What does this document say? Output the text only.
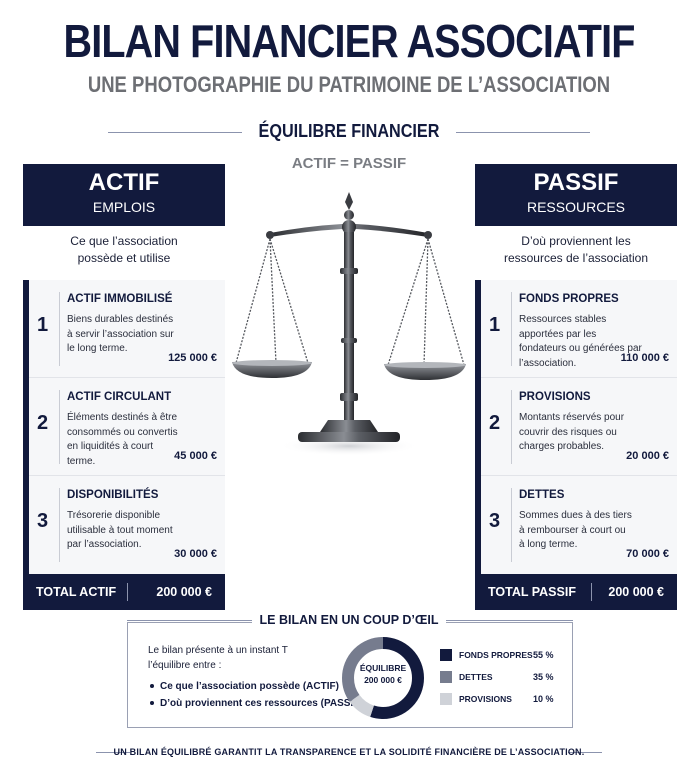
BILAN FINANCIER ASSOCIATIF
UNE PHOTOGRAPHIE DU PATRIMOINE DE L’ASSOCIATION
ÉQUILIBRE FINANCIER
ACTIF = PASSIF
ACTIF
EMPLOIS
Ce que l’association possède et utilise
1
ACTIF IMMOBILISÉ
Biens durables destinés à servir l’association sur le long terme.
125 000 €
2
ACTIF CIRCULANT
Éléments destinés à être consommés ou convertis en liquidités à court terme.	45 000 €
3
DISPONIBILITÉS
Trésorerie disponible utilisable à tout moment par l’association.
30 000 €
TOTAL ACTIF	200 000 €
PASSIF
RESSOURCES
D’où proviennent les ressources de l’association
1
FONDS PROPRES
Ressources stables apportées par les fondateurs ou générées par l’association.	110 000 €
2
PROVISIONS
Montants réservés pour couvrir des risques ou charges probables.
20 000 €
3
DETTES
Sommes dues à des tiers à rembourser à court ou à long terme.
70 000 €
TOTAL PASSIF	200 000 €
Le bilan présente à un instant T l’équilibre entre :
Ce que l’association possède (ACTIF)
D’où proviennent ces ressources (PASSIF)
ÉQUILIBRE
200 000 €
FONDS PROPRES 55 %
DETTES	35 %
PROVISIONS 10 %
LE BILAN EN UN COUP D’ŒIL
UN BILAN ÉQUILIBRÉ GARANTIT LA TRANSPARENCE ET LA SOLIDITÉ FINANCIÈRE DE L’ASSOCIATION.
